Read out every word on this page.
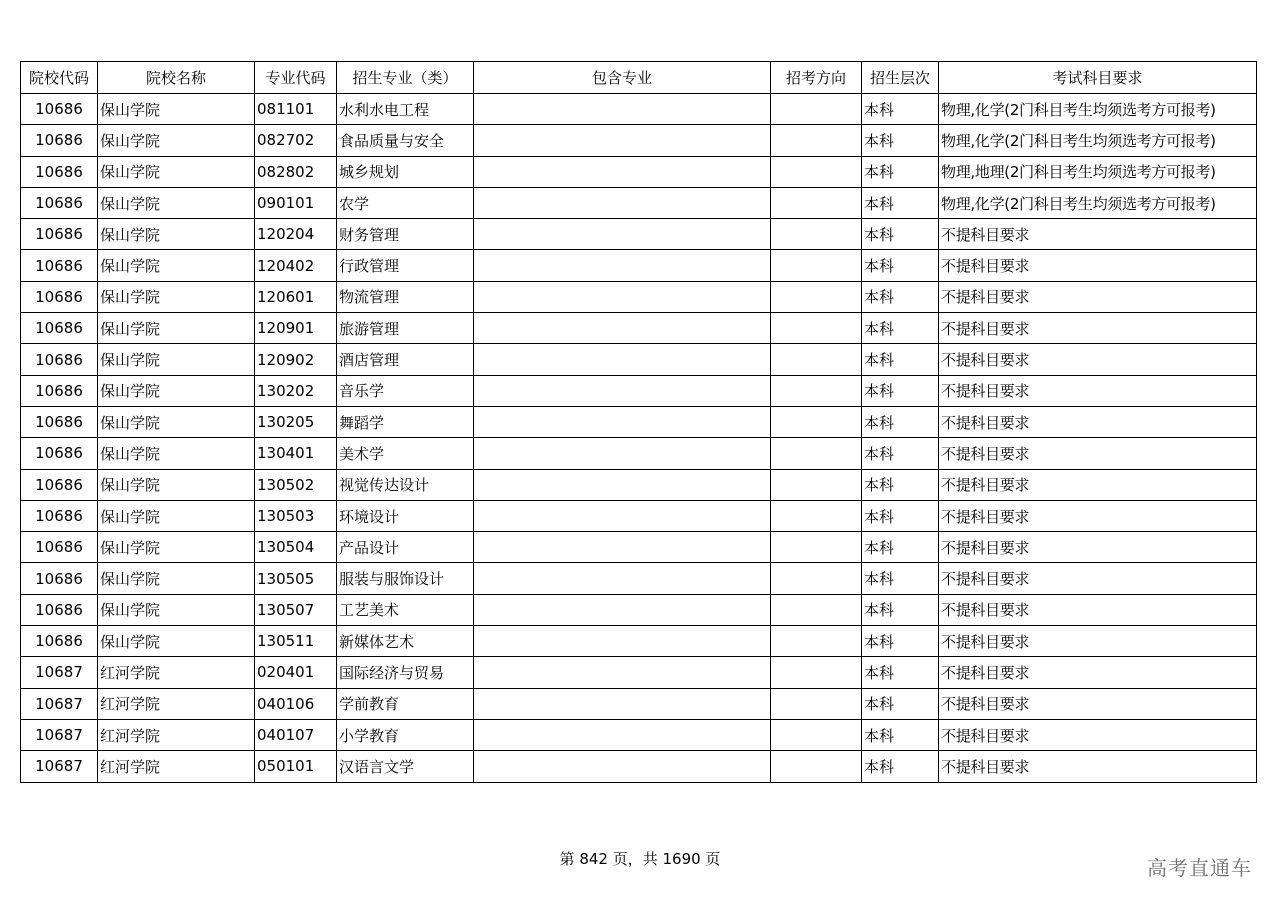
院校代码	院校名称	专业代码	招生专业（类）	包含专业	招考方向	招生层次	考试科目要求
10686	保山学院	081101	水利水电工程			本科	物理,化学(2门科目考生均须选考方可报考)
10686	保山学院	082702	食品质量与安全			本科	物理,化学(2门科目考生均须选考方可报考)
10686	保山学院	082802	城乡规划			本科	物理,地理(2门科目考生均须选考方可报考)
10686	保山学院	090101	农学			本科	物理,化学(2门科目考生均须选考方可报考)
10686	保山学院	120204	财务管理			本科	不提科目要求
10686	保山学院	120402	行政管理			本科	不提科目要求
10686	保山学院	120601	物流管理			本科	不提科目要求
10686	保山学院	120901	旅游管理			本科	不提科目要求
10686	保山学院	120902	酒店管理			本科	不提科目要求
10686	保山学院	130202	音乐学			本科	不提科目要求
10686	保山学院	130205	舞蹈学			本科	不提科目要求
10686	保山学院	130401	美术学			本科	不提科目要求
10686	保山学院	130502	视觉传达设计			本科	不提科目要求
10686	保山学院	130503	环境设计			本科	不提科目要求
10686	保山学院	130504	产品设计			本科	不提科目要求
10686	保山学院	130505	服装与服饰设计			本科	不提科目要求
10686	保山学院	130507	工艺美术			本科	不提科目要求
10686	保山学院	130511	新媒体艺术			本科	不提科目要求
10687	红河学院	020401	国际经济与贸易			本科	不提科目要求
10687	红河学院	040106	学前教育			本科	不提科目要求
10687	红河学院	040107	小学教育			本科	不提科目要求
10687	红河学院	050101	汉语言文学			本科	不提科目要求
第 842 页，共 1690 页	高考直通车
